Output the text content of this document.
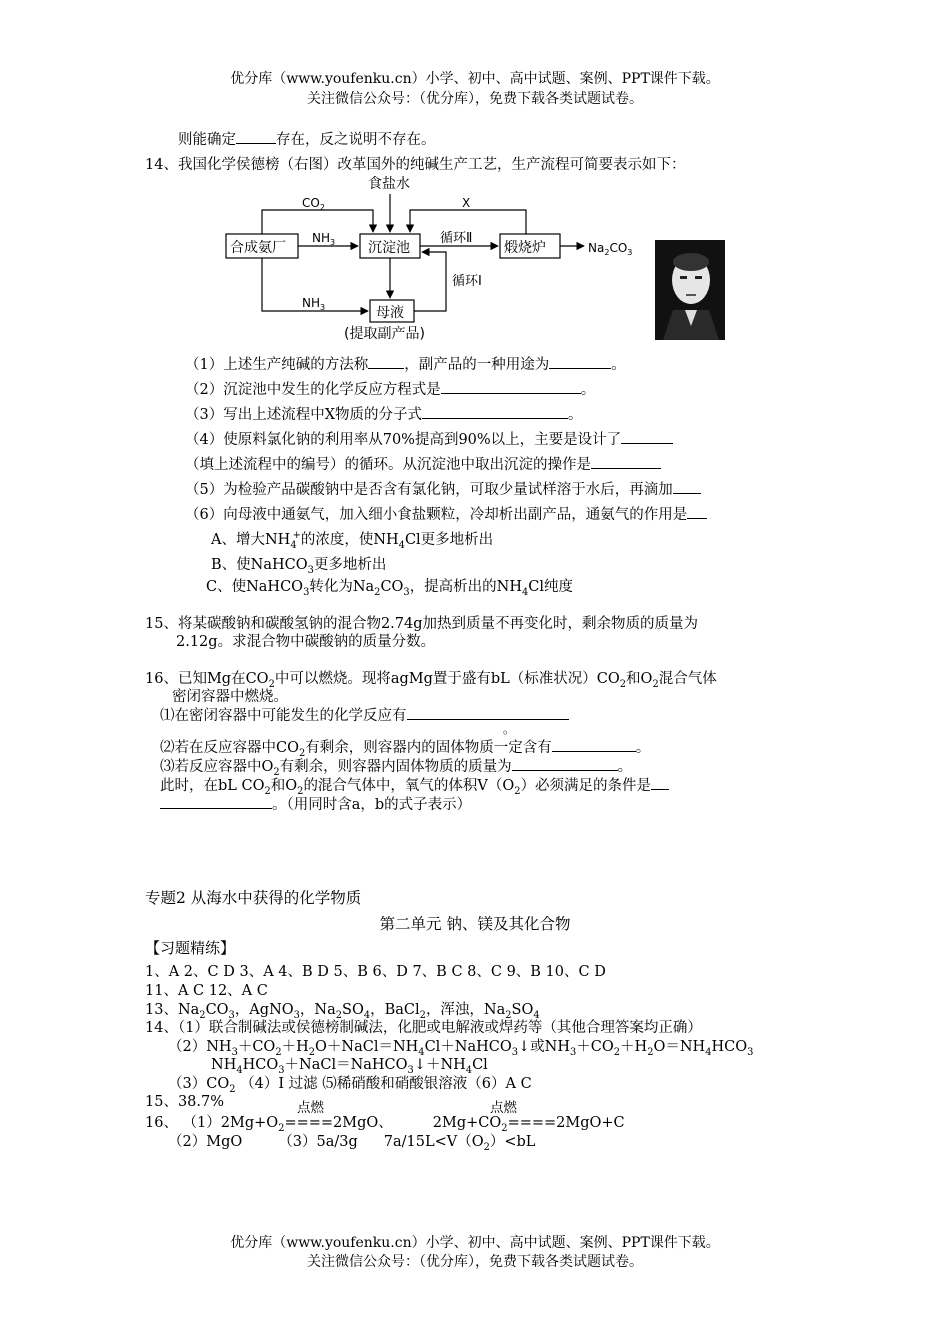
优分库（www.youfenku.cn）小学、初中、高中试题、案例、PPT课件下载。
关注微信公众号：（优分库），免费下载各类试题试卷。
则能确定	存在，反之说明不存在。
14、我国化学侯德榜（右图）改革国外的纯碱生产工艺，生产流程可简要表示如下：
食盐水
$CO_2$	X
合成氨厂
$NH_3$ 沉淀池
循环Ⅱ
煅烧炉	$Na_2CO_3$
循环Ⅰ
$NH_3$	母液
(提取副产品)
（1）上述生产纯碱的方法称 ，副产品的一种用途为	。
（2）沉淀池中发生的化学反应方程式是	。
（3）写出上述流程中X物质的分子式	。
（4）使原料氯化钠的利用率从70%提高到90%以上，主要是设计了
（填上述流程中的编号）的循环。从沉淀池中取出沉淀的操作是
（5）为检验产品碳酸钠中是否含有氯化钠，可取少量试样溶于水后，再滴加
（6）向母液中通氨气，加入细小食盐颗粒，冷却析出副产品，通氨气的作用是
A、增大$NH_4^+$的浓度，使$NH_4Cl$更多地析出
B、使NaHCO$_3$更多地析出
C、使NaHCO$_3$转化为$Na_2CO_3$，提高析出的$NH_4Cl$纯度
15、将某碳酸钠和碳酸氢钠的混合物2.74g加热到质量不再变化时，剩余物质的质量为
2.12g。求混合物中碳酸钠的质量分数。
16、已知Mg在$CO_2$中可以燃烧。现将agMg置于盛有bL（标准状况）$CO_2$和$O_2$混合气体
密闭容器中燃烧。
⑴在密闭容器中可能发生的化学反应有
。
⑵若在反应容器中$CO_2$有剩余，则容器内的固体物质一定含有	。
⑶若反应容器中$O_2$有剩余，则容器内固体物质的质量为	。
此时，在bL $CO_2$和$O_2$的混合气体中，氧气的体积$V(O_2)$必须满足的条件是
。（用同时含a，b的式子表示）
专题2 从海水中获得的化学物质
第二单元 钠、镁及其化合物
【习题精练】
1、A 2、C D 3、A 4、B D 5、B 6、D 7、B C 8、C 9、B 10、C D
11、A C 12、A C
13、$Na_2CO_3$，AgNO$_3$，$Na_2SO_4$，BaCl$_2$，浑浊，$Na_2SO_4$
14、（1）联合制碱法或侯德榜制碱法，化肥或电解液或焊药等（其他合理答案均正确）
$(2)NH_3+CO_2+H_2O+NaCl=NH_4Cl+NaHCO_3↓$或$NH_3+CO_2+H_2O=NH_4HCO_3$
$NH_4HCO_3+NaCl=NaHCO_3↓+NH_4Cl$
$(3)CO_2$ （4）Ⅰ 过滤 ⑸稀硝酸和硝酸银溶液（6）A C
15、38.7%	点燃	点燃
16、 $(1)2Mg+O_2====2MgO$、	$2Mg+CO_2====2MgO+C$
（2）MgO （3）5a/3g $7a/15L<V(O_2)<bL$
优分库（www.youfenku.cn）小学、初中、高中试题、案例、PPT课件下载。
关注微信公众号：（优分库），免费下载各类试题试卷。
